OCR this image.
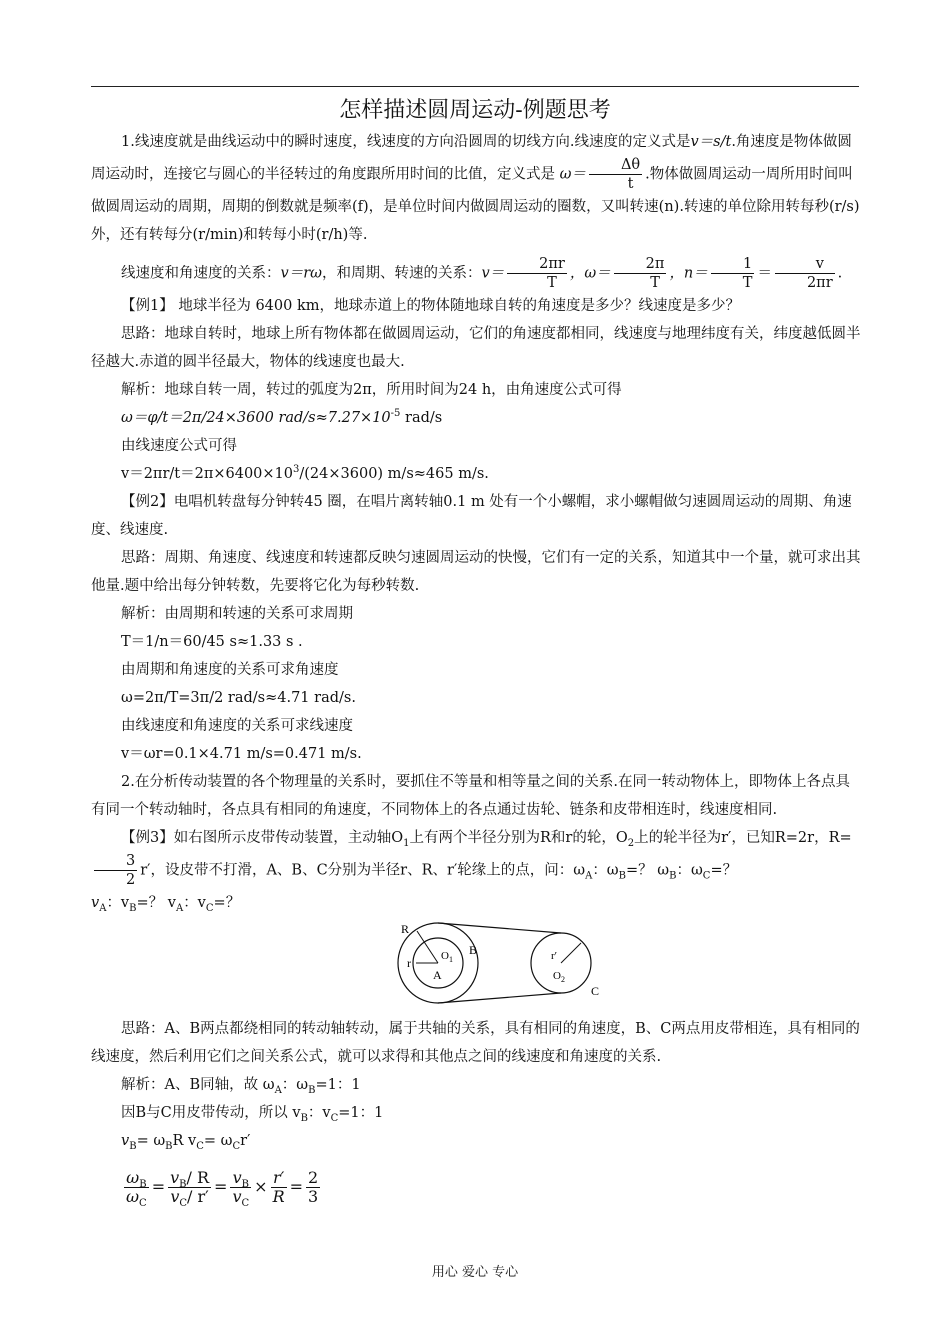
怎样描述圆周运动-例题思考

1.线速度就是曲线运动中的瞬时速度，线速度的方向沿圆周的切线方向.线速度的定义式是v＝s/t.角速度是物体做圆周运动时，连接它与圆心的半径转过的角度跟所用时间的比值，定义式是 $\omega= \frac{\Delta\theta}{t}$ .物体做圆周运动一周所用时间叫做圆周运动的周期，周期的倒数就是频率(f)，是单位时间内做圆周运动的圈数，又叫转速(n).转速的单位除用转每秒(r/s)外，还有转每分(r/min)和转每小时(r/h)等.

线速度和角速度的关系：v＝rω，和周期、转速的关系：$v= \frac{2\pi r}{T}$ ，$\omega= \frac{2\pi}{T}$ ，$n= \frac{1}{T} = \frac{v}{2\pi r}$ .

【例1】 地球半径为 6400 km，地球赤道上的物体随地球自转的角速度是多少？线速度是多少？

思路：地球自转时，地球上所有物体都在做圆周运动，它们的角速度都相同，线速度与地理纬度有关，纬度越低圆半径越大.赤道的圆半径最大，物体的线速度也最大.

解析：地球自转一周，转过的弧度为2π，所用时间为24 h，由角速度公式可得

ω＝φ/t＝2π/24×3600 rad/$s\approx 7.27\times 10^{-5}$ rad/s

由线速度公式可得

$v=2\pi r/t=2\pi\times 6400\times 10^3/(24\times 3600)$ m/s≈465 m/s.

【例2】电唱机转盘每分钟转45 圈，在唱片离转轴0.1 m 处有一个小螺帽，求小螺帽做匀速圆周运动的周期、角速度、线速度.

思路：周期、角速度、线速度和转速都反映匀速圆周运动的快慢，它们有一定的关系，知道其中一个量，就可求出其他量.题中给出每分钟转数，先要将它化为每秒转数.

解析：由周期和转速的关系可求周期

T＝1/n＝60/45 s≈1.33 s .

由周期和角速度的关系可求角速度

ω=2π/T=3π/2 rad/s≈4.71 rad/s.

由线速度和角速度的关系可求线速度

v＝ωr=0.1×4.71 m/s=0.471 m/s.

2.在分析传动装置的各个物理量的关系时，要抓住不等量和相等量之间的关系.在同一转动物体上，即物体上各点具有同一个转动轴时，各点具有相同的角速度，不同物体上的各点通过齿轮、链条和皮带相连时，线速度相同.

【例3】如右图所示皮带传动装置，主动轴$O_1$上有两个半径分别为R和r的轮，$O_2$上的轮半径为r′，已知R=2r，R=
$\frac{3}{2} r'$，设皮带不打滑，A、B、C分别为半径r、R、r′轮缘上的点，问：$\omega_A$：$\omega_B=$？ $\omega_B$：$\omega_C=$？

$v_A$：$v_B=$？ $v_A$：$v_C=$？

R
r	$O_1$
A
B	r′
$O_2$
C

思路：A、B两点都绕相同的转动轴转动，属于共轴的关系，具有相同的角速度，B、C两点用皮带相连，具有相同的线速度，然后利用它们之间关系公式，就可以求得和其他点之间的线速度和角速度的关系.

解析：A、B同轴，故 $\omega_A$：$\omega_B=1$：1

因B与C用皮带传动，所以 $v_B$：$v_C=1$：1

$v_B= \omega_BR$ $v_C= \omega_Cr'$

$\frac{\omega_B}{\omega_C} = \frac{v_B/ R}{v_C/ r'} = \frac{v_B}{v_C} \times \frac{r'}{R} = \frac{2}{3}$

用心 爱心 专心
